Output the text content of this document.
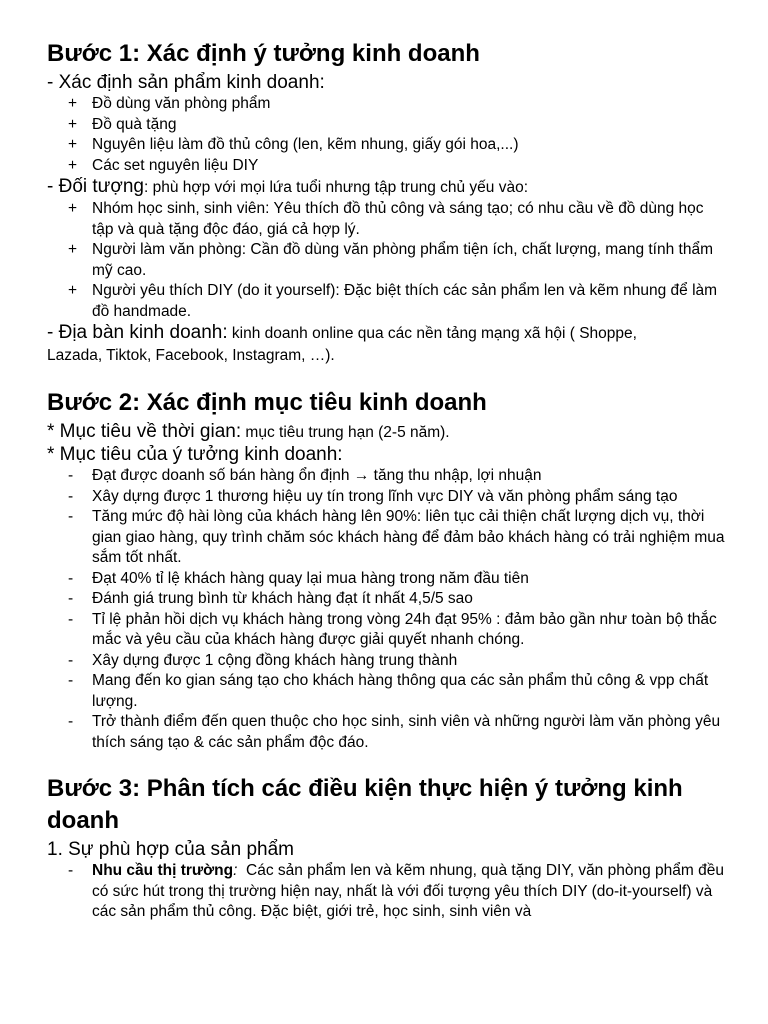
Bước 1: Xác định ý tưởng kinh doanh

- Xác định sản phẩm kinh doanh:

+ Đồ dùng văn phòng phẩm
+ Đồ quà tặng
+ Nguyên liệu làm đồ thủ công (len, kẽm nhung, giấy gói hoa,...)
+ Các set nguyên liệu DIY

- Đối tượng: phù hợp với mọi lứa tuổi nhưng tập trung chủ yếu vào:

+ Nhóm học sinh, sinh viên: Yêu thích đồ thủ công và sáng tạo; có nhu cầu về đồ dùng học tập và quà tặng độc đáo, giá cả hợp lý.
+ Người làm văn phòng: Cần đồ dùng văn phòng phẩm tiện ích, chất lượng, mang tính thẩm mỹ cao.
+ Người yêu thích DIY (do it yourself): Đặc biệt thích các sản phẩm len và kẽm nhung để làm đồ handmade.

- Địa bàn kinh doanh: kinh doanh online qua các nền tảng mạng xã hội ( Shoppe,

Lazada, Tiktok, Facebook, Instagram, …).
Bước 2: Xác định mục tiêu kinh doanh

* Mục tiêu về thời gian: mục tiêu trung hạn (2-5 năm).

* Mục tiêu của ý tưởng kinh doanh:

- Đạt được doanh số bán hàng ổn định → tăng thu nhập, lợi nhuận
- Xây dựng được 1 thương hiệu uy tín trong lĩnh vực DIY và văn phòng phẩm sáng tạo
- Tăng mức độ hài lòng của khách hàng lên 90%: liên tục cải thiện chất lượng dịch vụ, thời gian giao hàng, quy trình chăm sóc khách hàng để đảm bảo khách hàng có trải nghiệm mua sắm tốt nhất.
- Đạt 40% tỉ lệ khách hàng quay lại mua hàng trong năm đầu tiên
- Đánh giá trung bình từ khách hàng đạt ít nhất 4,5/5 sao
- Tỉ lệ phản hồi dịch vụ khách hàng trong vòng 24h đạt 95% : đảm bảo gần như toàn bộ thắc mắc và yêu cầu của khách hàng được giải quyết nhanh chóng.
- Xây dựng được 1 cộng đồng khách hàng trung thành
- Mang đến ko gian sáng tạo cho khách hàng thông qua các sản phẩm thủ công & vpp chất lượng.
- Trở thành điểm đến quen thuộc cho học sinh, sinh viên và những người làm văn phòng yêu thích sáng tạo & các sản phẩm độc đáo.
Bước 3: Phân tích các điều kiện thực hiện ý tưởng kinh doanh

1. Sự phù hợp của sản phẩm

- Nhu cầu thị trường:  Các sản phẩm len và kẽm nhung, quà tặng DIY, văn phòng phẩm đều có sức hút trong thị trường hiện nay, nhất là với đối tượng yêu thích DIY (do-it-yourself) và các sản phẩm thủ công. Đặc biệt, giới trẻ, học sinh, sinh viên và
